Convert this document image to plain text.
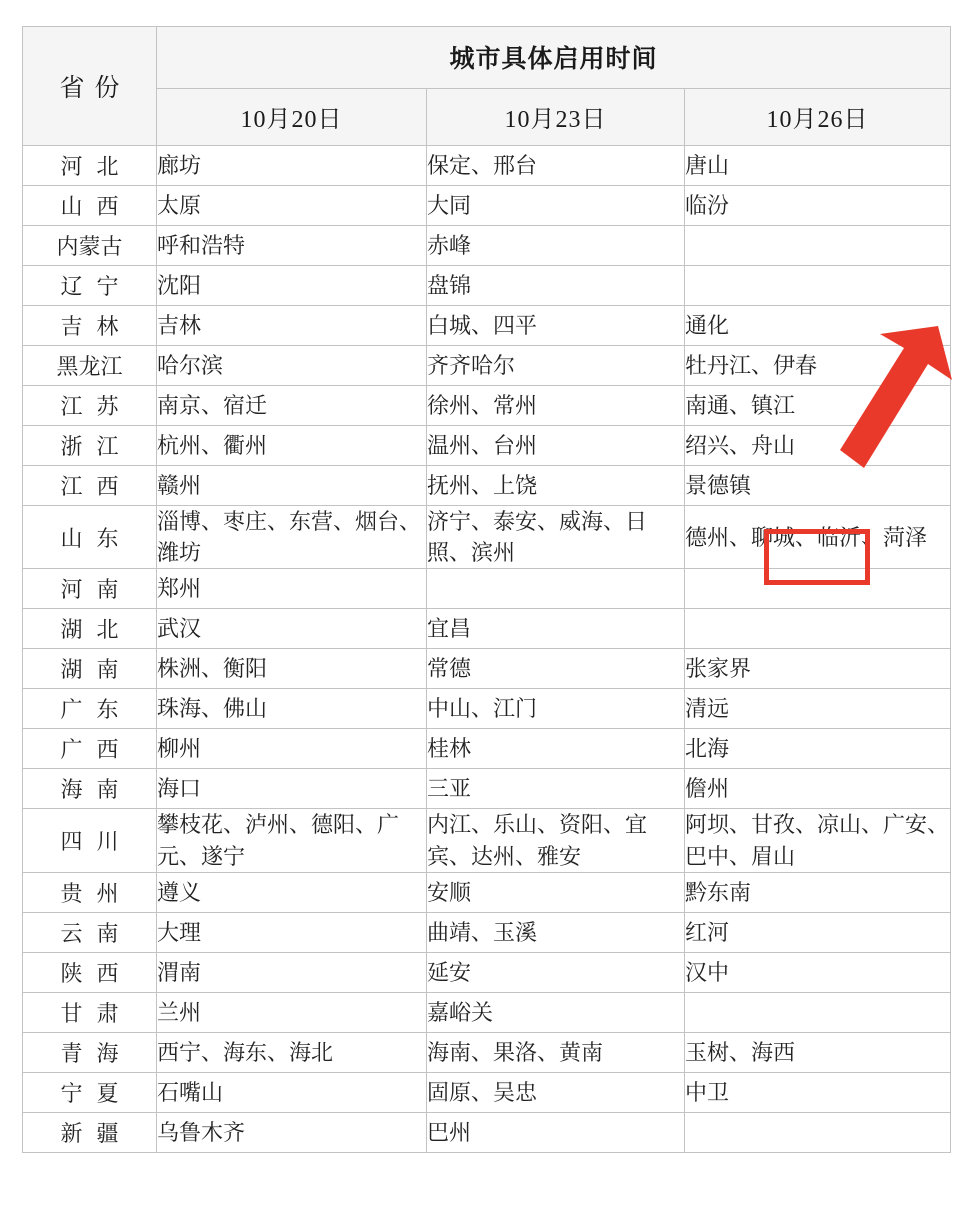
省份	城市具体启用时间		
	10月20日	10月23日	10月26日
河北	廊坊	保定、邢台	唐山
山西	太原	大同	临汾
内蒙古	呼和浩特	赤峰	
辽宁	沈阳	盘锦	
吉林	吉林	白城、四平	通化
黑龙江	哈尔滨	齐齐哈尔	牡丹江、伊春
江苏	南京、宿迁	徐州、常州	南通、镇江
浙江	杭州、衢州	温州、台州	绍兴、舟山
江西	赣州	抚州、上饶	景德镇
山东	淄博、枣庄、东营、烟台、潍坊	济宁、泰安、威海、日照、滨州	德州、聊城、临沂、菏泽
河南	郑州		
湖北	武汉	宜昌	
湖南	株洲、衡阳	常德	张家界
广东	珠海、佛山	中山、江门	清远
广西	柳州	桂林	北海
海南	海口	三亚	儋州
四川	攀枝花、泸州、德阳、广元、遂宁	内江、乐山、资阳、宜宾、达州、雅安	阿坝、甘孜、凉山、广安、巴中、眉山
贵州	遵义	安顺	黔东南
云南	大理	曲靖、玉溪	红河
陕西	渭南	延安	汉中
甘肃	兰州	嘉峪关	
青海	西宁、海东、海北	海南、果洛、黄南	玉树、海西
宁夏	石嘴山	固原、吴忠	中卫
新疆	乌鲁木齐	巴州	
